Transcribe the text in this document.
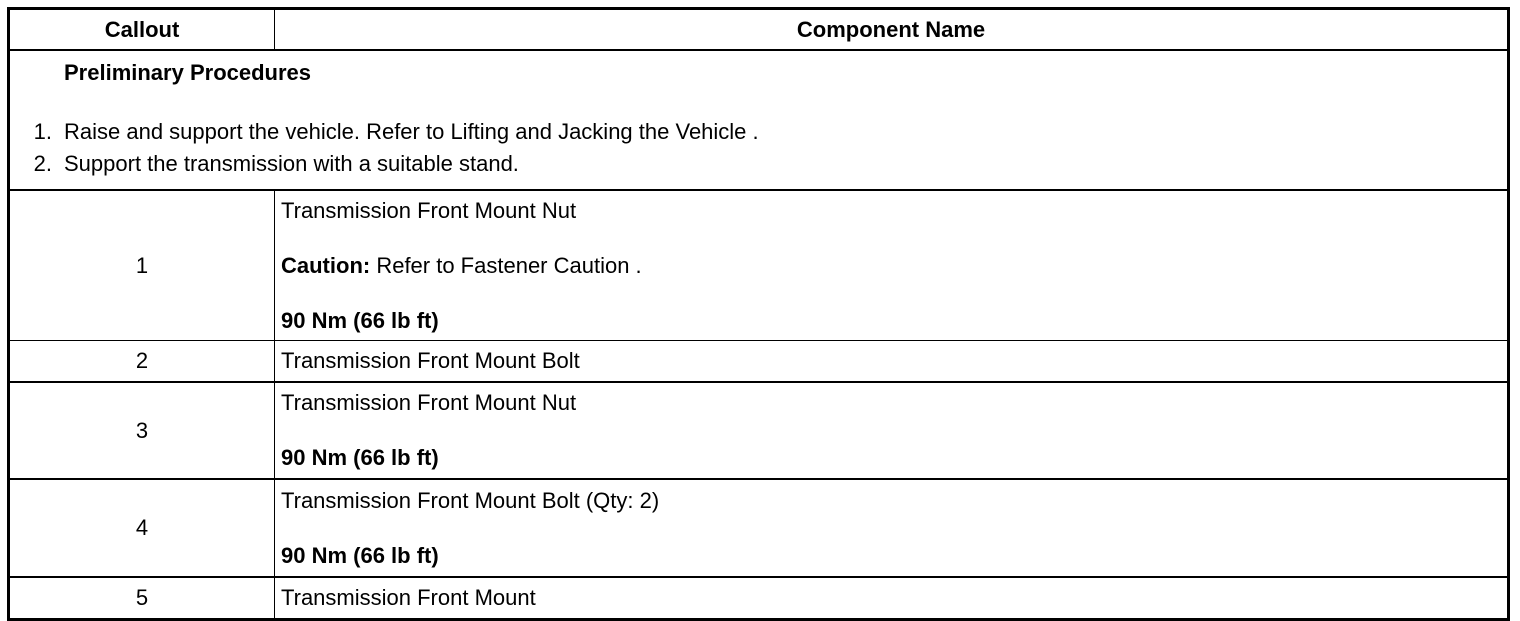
Callout	Component Name

Preliminary Procedures
1. Raise and support the vehicle. Refer to Lifting and Jacking the Vehicle .
2. Support the transmission with a suitable stand.	

1	Transmission Front Mount Nut
Caution: Refer to Fastener Caution .
90 Nm (66 lb ft)

2	Transmission Front Mount Bolt

3	Transmission Front Mount Nut
90 Nm (66 lb ft)

4	Transmission Front Mount Bolt (Qty: 2)
90 Nm (66 lb ft)

5	Transmission Front Mount
